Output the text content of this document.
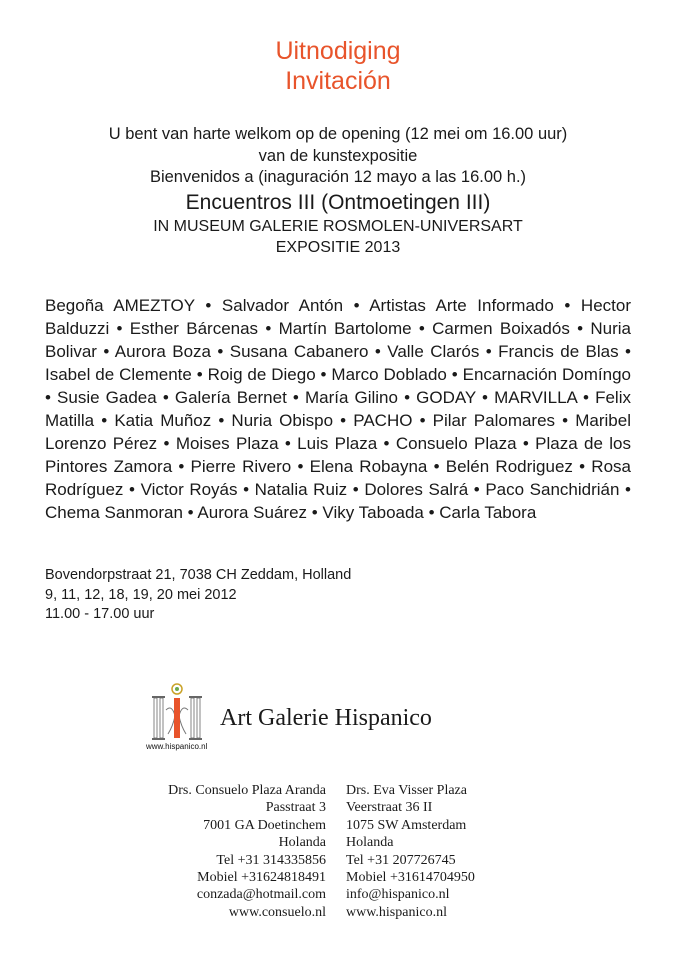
Uitnodiging
Invitación
U bent van harte welkom op de opening (12 mei om 16.00 uur)
van de kunstexpositie
Bienvenidos a (inaguración 12 mayo a las 16.00 h.)
Encuentros III (Ontmoetingen III)
IN MUSEUM GALERIE ROSMOLEN-UNIVERSART
EXPOSITIE 2013
Begoña AMEZTOY • Salvador Antón • Artistas Arte Informado • Hector Balduzzi • Esther Bárcenas • Martín Bartolome • Carmen Boixadós • Nuria Bolivar • Aurora Boza • Susana Cabanero • Valle Clarós • Francis de Blas • Isabel de Clemente • Roig de Diego • Marco Doblado • Encarnación Domíngo • Susie Gadea • Galería Bernet • María Gilino • GODAY • MARVILLA • Felix Matilla • Katia Muñoz • Nuria Obispo • PACHO • Pilar Palomares • Maribel Lorenzo Pérez • Moises Plaza • Luis Plaza • Consuelo Plaza • Plaza de los Pintores Zamora • Pierre Rivero • Elena Robayna • Belén Rodriguez • Rosa Rodríguez • Victor Royás • Natalia Ruiz • Dolores Salrá • Paco Sanchidrián • Chema Sanmoran • Aurora Suárez • Viky Taboada • Carla Tabora
Bovendorpstraat 21, 7038 CH Zeddam, Holland
9, 11, 12, 18, 19, 20 mei 2012
11.00 - 17.00 uur
www.hispanico.nl
Art Galerie Hispanico
Drs. Consuelo Plaza Aranda
Passtraat 3
7001 GA Doetinchem
Holanda
Tel +31 314335856
Mobiel +31624818491
conzada@hotmail.com
www.consuelo.nl
Drs. Eva Visser Plaza
Veerstraat 36 II
1075 SW Amsterdam
Holanda
Tel +31 207726745
Mobiel +31614704950
info@hispanico.nl
www.hispanico.nl
